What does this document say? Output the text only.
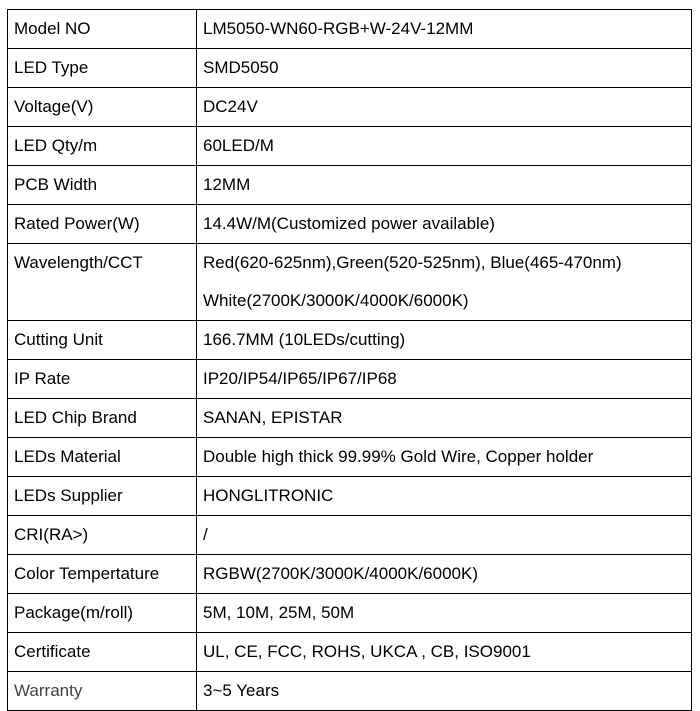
Model NO	LM5050-WN60-RGB+W-24V-12MM
LED Type	SMD5050
Voltage(V)	DC24V
LED Qty/m	60LED/M
PCB Width	12MM
Rated Power(W)	14.4W/M(Customized power available)
Wavelength/CCT	Red(620-625nm),Green(520-525nm), Blue(465-470nm)
White(2700K/3000K/4000K/6000K)

Cutting Unit	166.7MM (10LEDs/cutting)
IP Rate	IP20/IP54/IP65/IP67/IP68
LED Chip Brand	SANAN, EPISTAR
LEDs Material	Double high thick 99.99% Gold Wire, Copper holder
LEDs Supplier	HONGLITRONIC
CRI(RA>)	/
Color Tempertature	RGBW(2700K/3000K/4000K/6000K)
Package(m/roll)	5M, 10M, 25M, 50M
Certificate	UL, CE, FCC, ROHS, UKCA , CB, ISO9001
Warranty	3~5 Years
